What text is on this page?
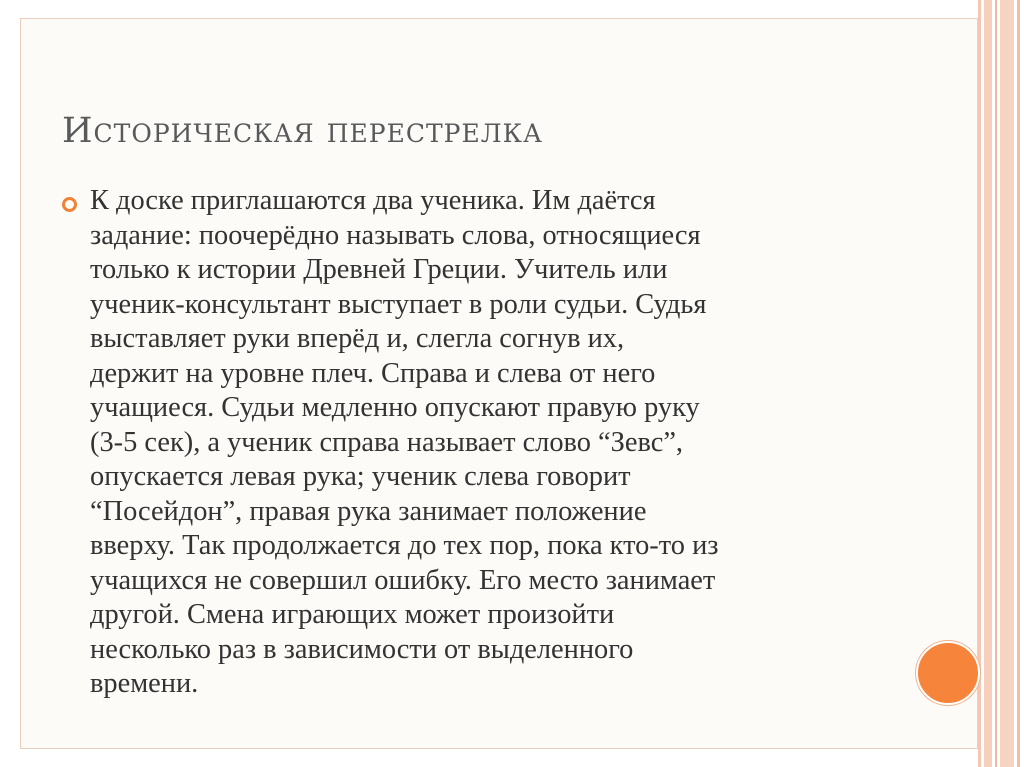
Историческая перестрелка

К доске приглашаются два ученика. Им даётся
задание: поочерёдно называть слова, относящиеся
только к истории Древней Греции. Учитель или
ученик-консультант выступает в роли судьи. Судья
выставляет руки вперёд и, слегла согнув их,
держит на уровне плеч. Справа и слева от него
учащиеся. Судьи медленно опускают правую руку
(3-5 сек), а ученик справа называет слово “Зевс”,
опускается левая рука; ученик слева говорит
“Посейдон”, правая рука занимает положение
вверху. Так продолжается до тех пор, пока кто-то из
учащихся не совершил ошибку. Его место занимает
другой. Смена играющих может произойти
несколько раз в зависимости от выделенного
времени.
